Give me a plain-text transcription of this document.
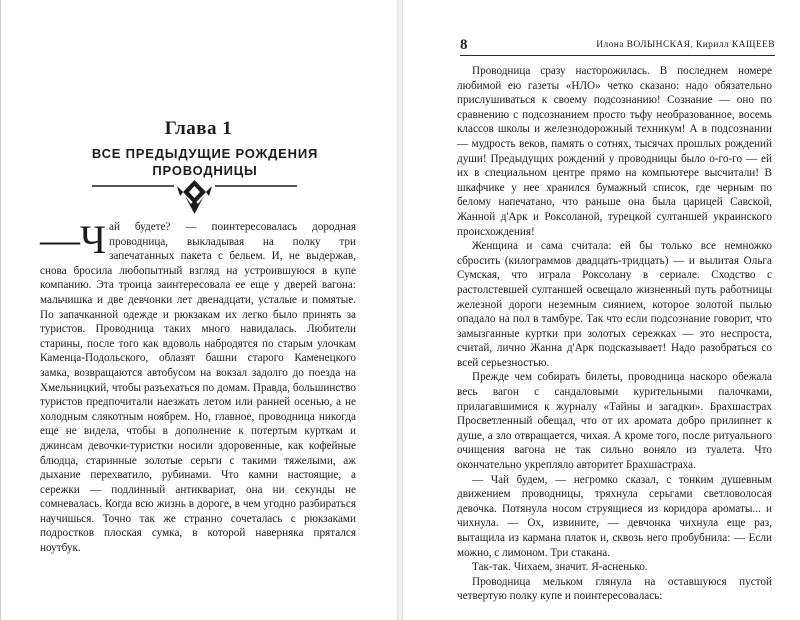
Глава 1
ВСЕ ПРЕДЫДУЩИЕ РОЖДЕНИЯ ПРОВОДНИЦЫ

—Ч ай будете? — поинтересовалась дородная проводница, выкладывая на полку три запечатанных пакета с бельем. И, не выдержав, снова бросила любопытный взгляд на устроившуюся в купе компанию. Эта троица заинтересовала ее еще у дверей вагона: мальчишка и две девчонки лет двенадцати, усталые и помятые. По запачканной одежде и рюкзакам их легко было принять за туристов. Проводница таких много навидалась. Любители старины, после того как вдоволь набродятся по старым улочкам Каменца-Подольского, облазят башни старого Каменецкого замка, возвращаются автобусом на вокзал задолго до поезда на Хмельницкий, чтобы разъехаться по домам. Правда, большинство туристов предпочитали наезжать летом или ранней осенью, а не холодным слякотным ноябрем. Но, главное, проводница никогда еще не видела, чтобы в дополнение к потертым курткам и джинсам девочки-туристки носили здоровенные, как кофейные блюдца, старинные золотые серьги с такими тяжелыми, аж дыхание перехватило, рубинами. Что камни настоящие, а сережки — подлинный антиквариат, она ни секунды не сомневалась. Когда всю жизнь в дороге, в чем угодно разбираться научишься. Точно так же странно сочеталась с рюкзаками подростков плоская сумка, в которой наверняка прятался ноутбук.

8	Илона ВОЛЫНСКАЯ, Кирилл КАЩЕЕВ

Проводница сразу насторожилась. В последнем номере любимой ею газеты «НЛО» четко сказано: надо обязательно прислушиваться к своему подсознанию! Сознание — оно по сравнению с подсознанием просто тьфу необразованное, восемь классов школы и железнодорожный техникум! А в подсознании — мудрость веков, память о сотнях, тысячах прошлых рождений души! Предыдущих рождений у проводницы было о-го-го — ей их в специальном центре прямо на компьютере высчитали! В шкафчике у нее хранился бумажный список, где черным по белому напечатано, что раньше она была царицей Савской, Жанной д'Арк и Роксоланой, турецкой султаншей украинского происхождения!

Женщина и сама считала: ей бы только все немножко сбросить (килограммов двадцать-тридцать) — и вылитая Ольга Сумская, что играла Роксолану в сериале. Сходство с растолстевшей султаншей освещало жизненный путь работницы железной дороги неземным сиянием, которое золотой пылью опадало на пол в тамбуре. Так что если подсознание говорит, что замызганные куртки при золотых сережках — это неспроста, считай, лично Жанна д'Арк подсказывает! Надо разобраться со всей серьезностью.

Прежде чем собирать билеты, проводница наскоро обежала весь вагон с сандаловыми курительными палочками, прилагавшимися к журналу «Тайны и загадки». Брахшастрах Просветленный обещал, что от их аромата добро прилипнет к душе, а зло отвращается, чихая. А кроме того, после ритуального очищения вагона не так сильно воняло из туалета. Что окончательно укрепляло авторитет Брахшастраха.

— Чай будем, — негромко сказал, с тонким душевным движением проводницы, тряхнула серьгами светловолосая девочка. Потянула носом струящиеся из коридора ароматы... и чихнула. — Ох, извините, — девчонка чихнула еще раз, вытащила из кармана платок и, сквозь него пробубнила: — Если можно, с лимоном. Три стакана.

Так-так. Чихаем, значит. Я-асненько.

Проводница мельком глянула на оставшуюся пустой четвертую полку купе и поинтересовалась:
